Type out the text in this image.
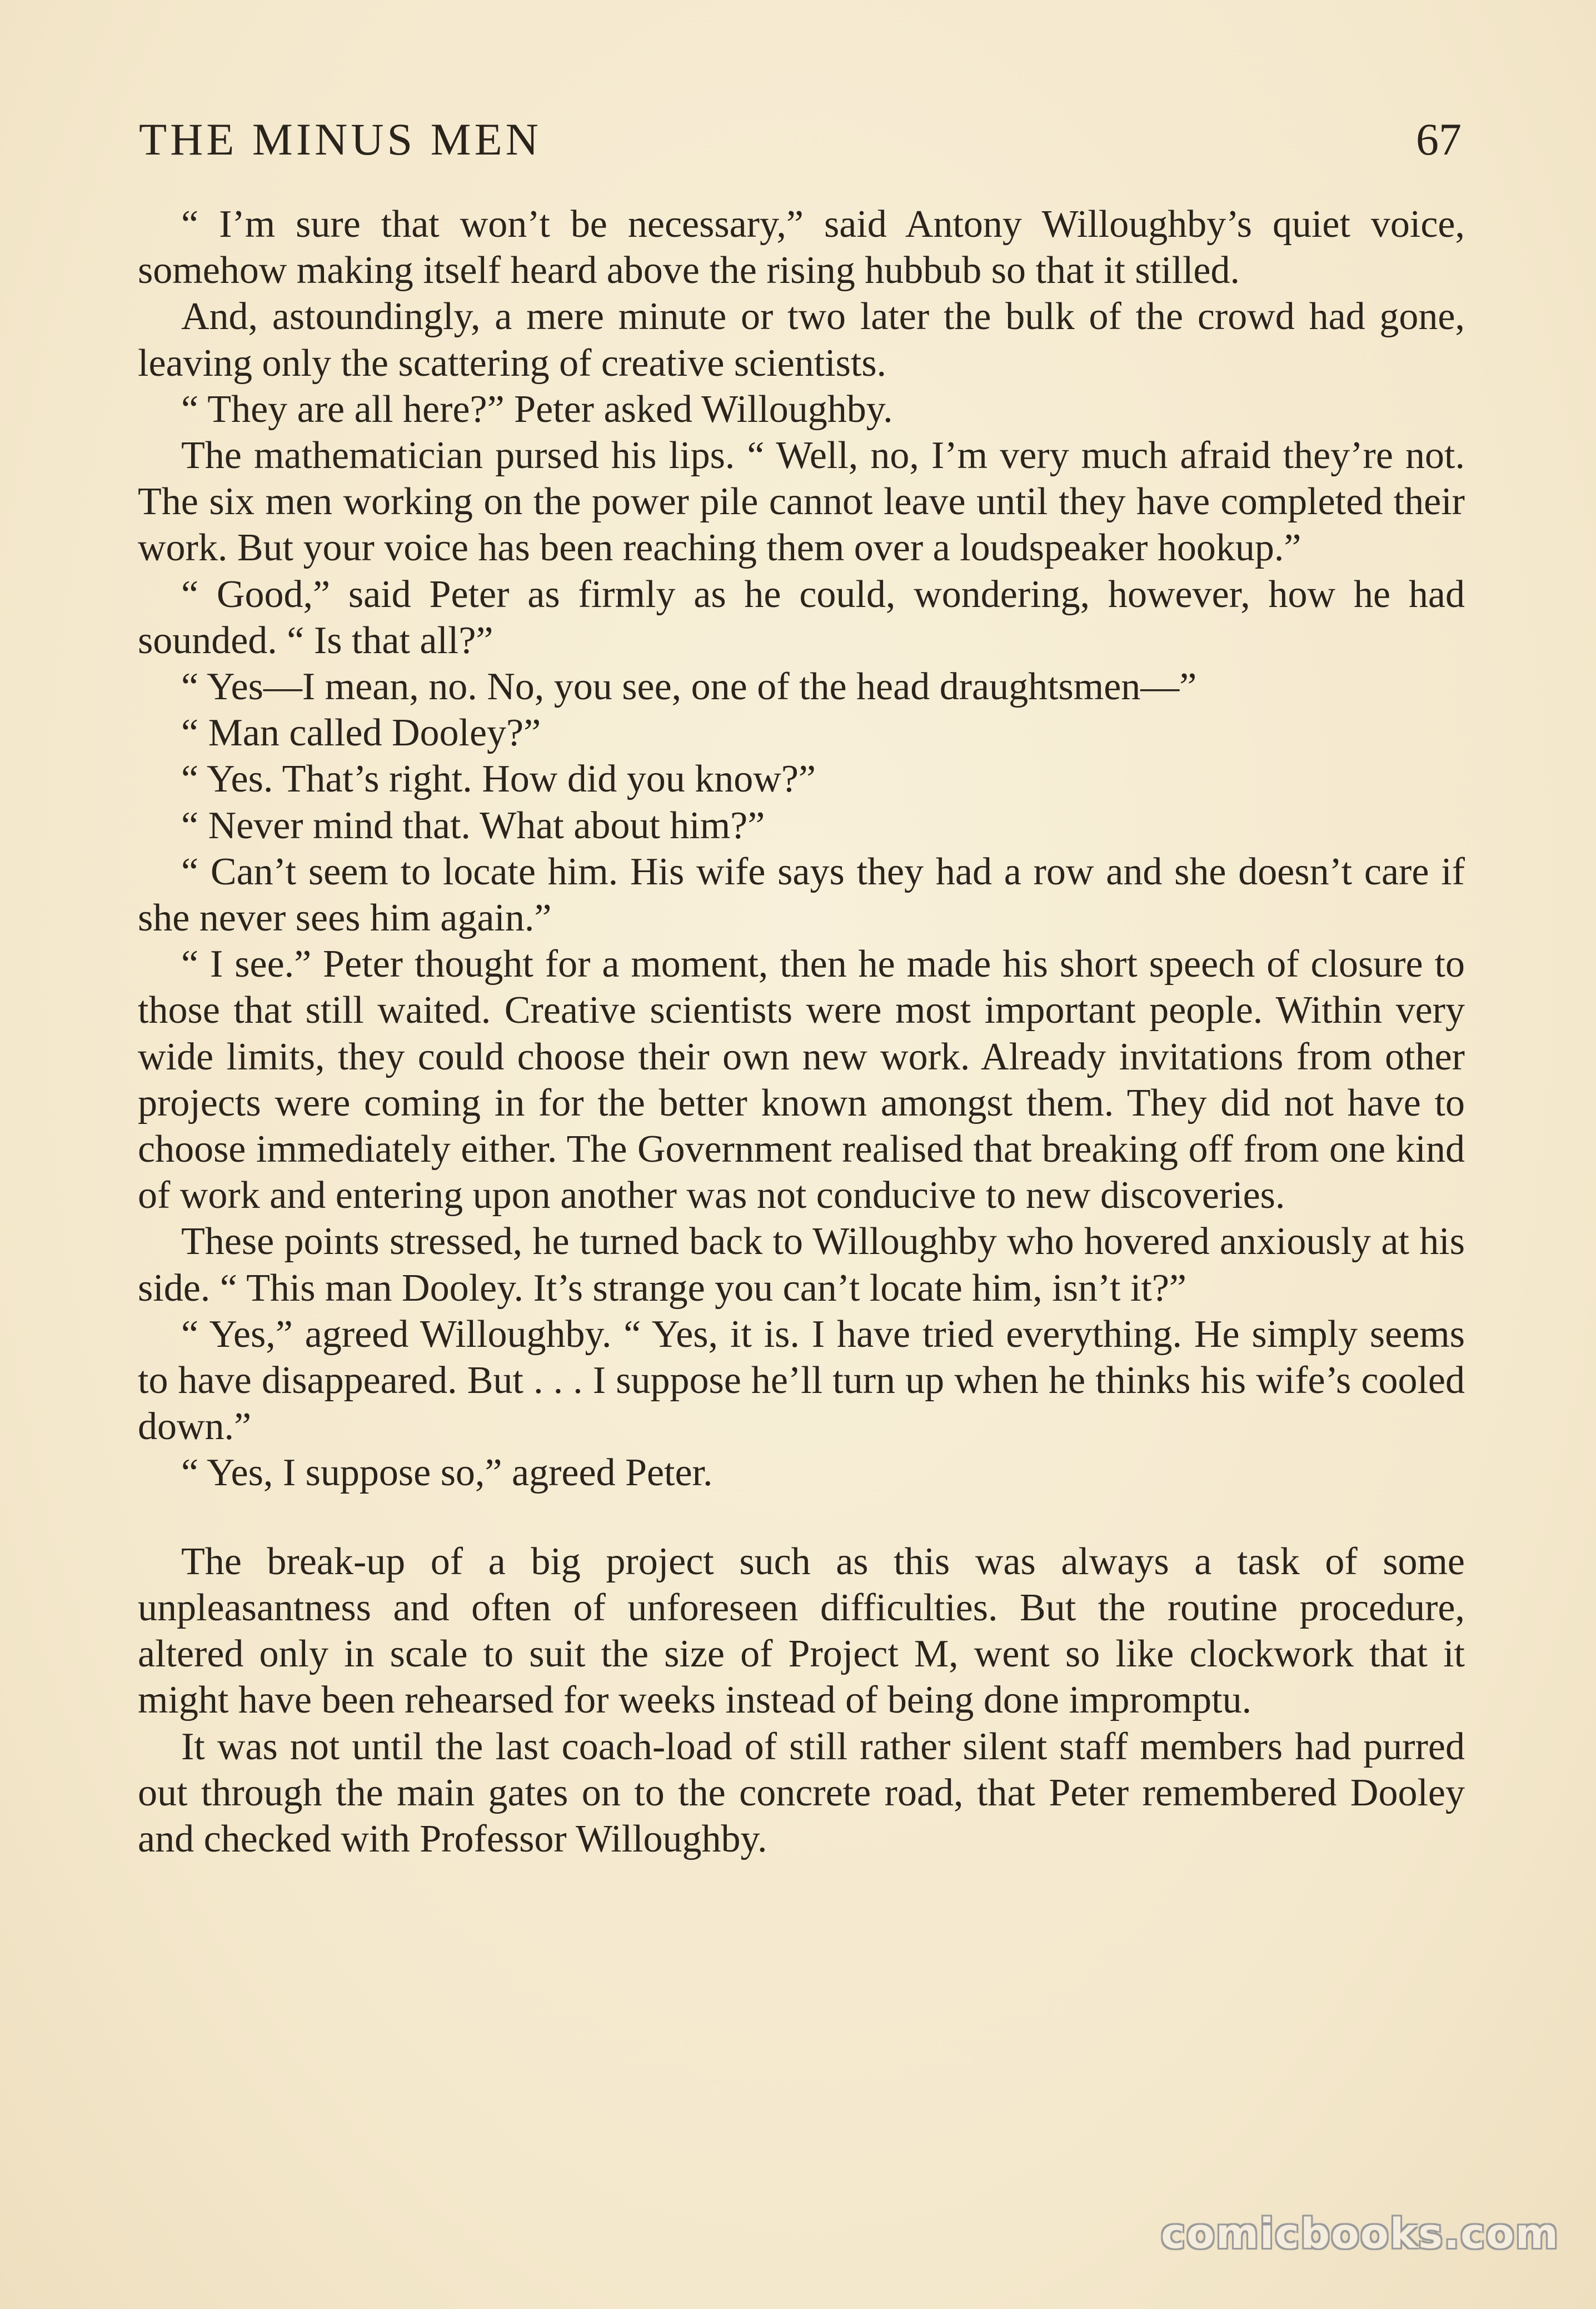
THE MINUS MEN	67

“ I’m sure that won’t be necessary,” said Antony Willoughby’s quiet voice, somehow making itself heard above the rising hubbub so that it stilled.

And, astoundingly, a mere minute or two later the bulk of the crowd had gone, leaving only the scattering of creative scientists.

“ They are all here?” Peter asked Willoughby.

The mathematician pursed his lips. “ Well, no, I’m very much afraid they’re not. The six men working on the power pile cannot leave until they have completed their work. But your voice has been reaching them over a loudspeaker hookup.”

“ Good,” said Peter as firmly as he could, wondering, however, how he had sounded. “ Is that all?”

“ Yes—I mean, no. No, you see, one of the head draughtsmen—”

“ Man called Dooley?”

“ Yes. That’s right. How did you know?”

“ Never mind that. What about him?”

“ Can’t seem to locate him. His wife says they had a row and she doesn’t care if she never sees him again.”

“ I see.” Peter thought for a moment, then he made his short speech of closure to those that still waited. Creative scientists were most important people. Within very wide limits, they could choose their own new work. Already invitations from other projects were coming in for the better known amongst them. They did not have to choose immediately either. The Government realised that breaking off from one kind of work and entering upon another was not conducive to new discoveries.

These points stressed, he turned back to Willoughby who hovered anxiously at his side. “ This man Dooley. It’s strange you can’t locate him, isn’t it?”

“ Yes,” agreed Willoughby. “ Yes, it is. I have tried everything. He simply seems to have disappeared. But . . . I suppose he’ll turn up when he thinks his wife’s cooled down.”

“ Yes, I suppose so,” agreed Peter.

The break-up of a big project such as this was always a task of some unpleasantness and often of unforeseen difficulties. But the routine procedure, altered only in scale to suit the size of Project M, went so like clockwork that it might have been rehearsed for weeks instead of being done impromptu.

It was not until the last coach-load of still rather silent staff members had purred out through the main gates on to the concrete road, that Peter remembered Dooley and checked with Professor Willoughby.

comicbooks.com
